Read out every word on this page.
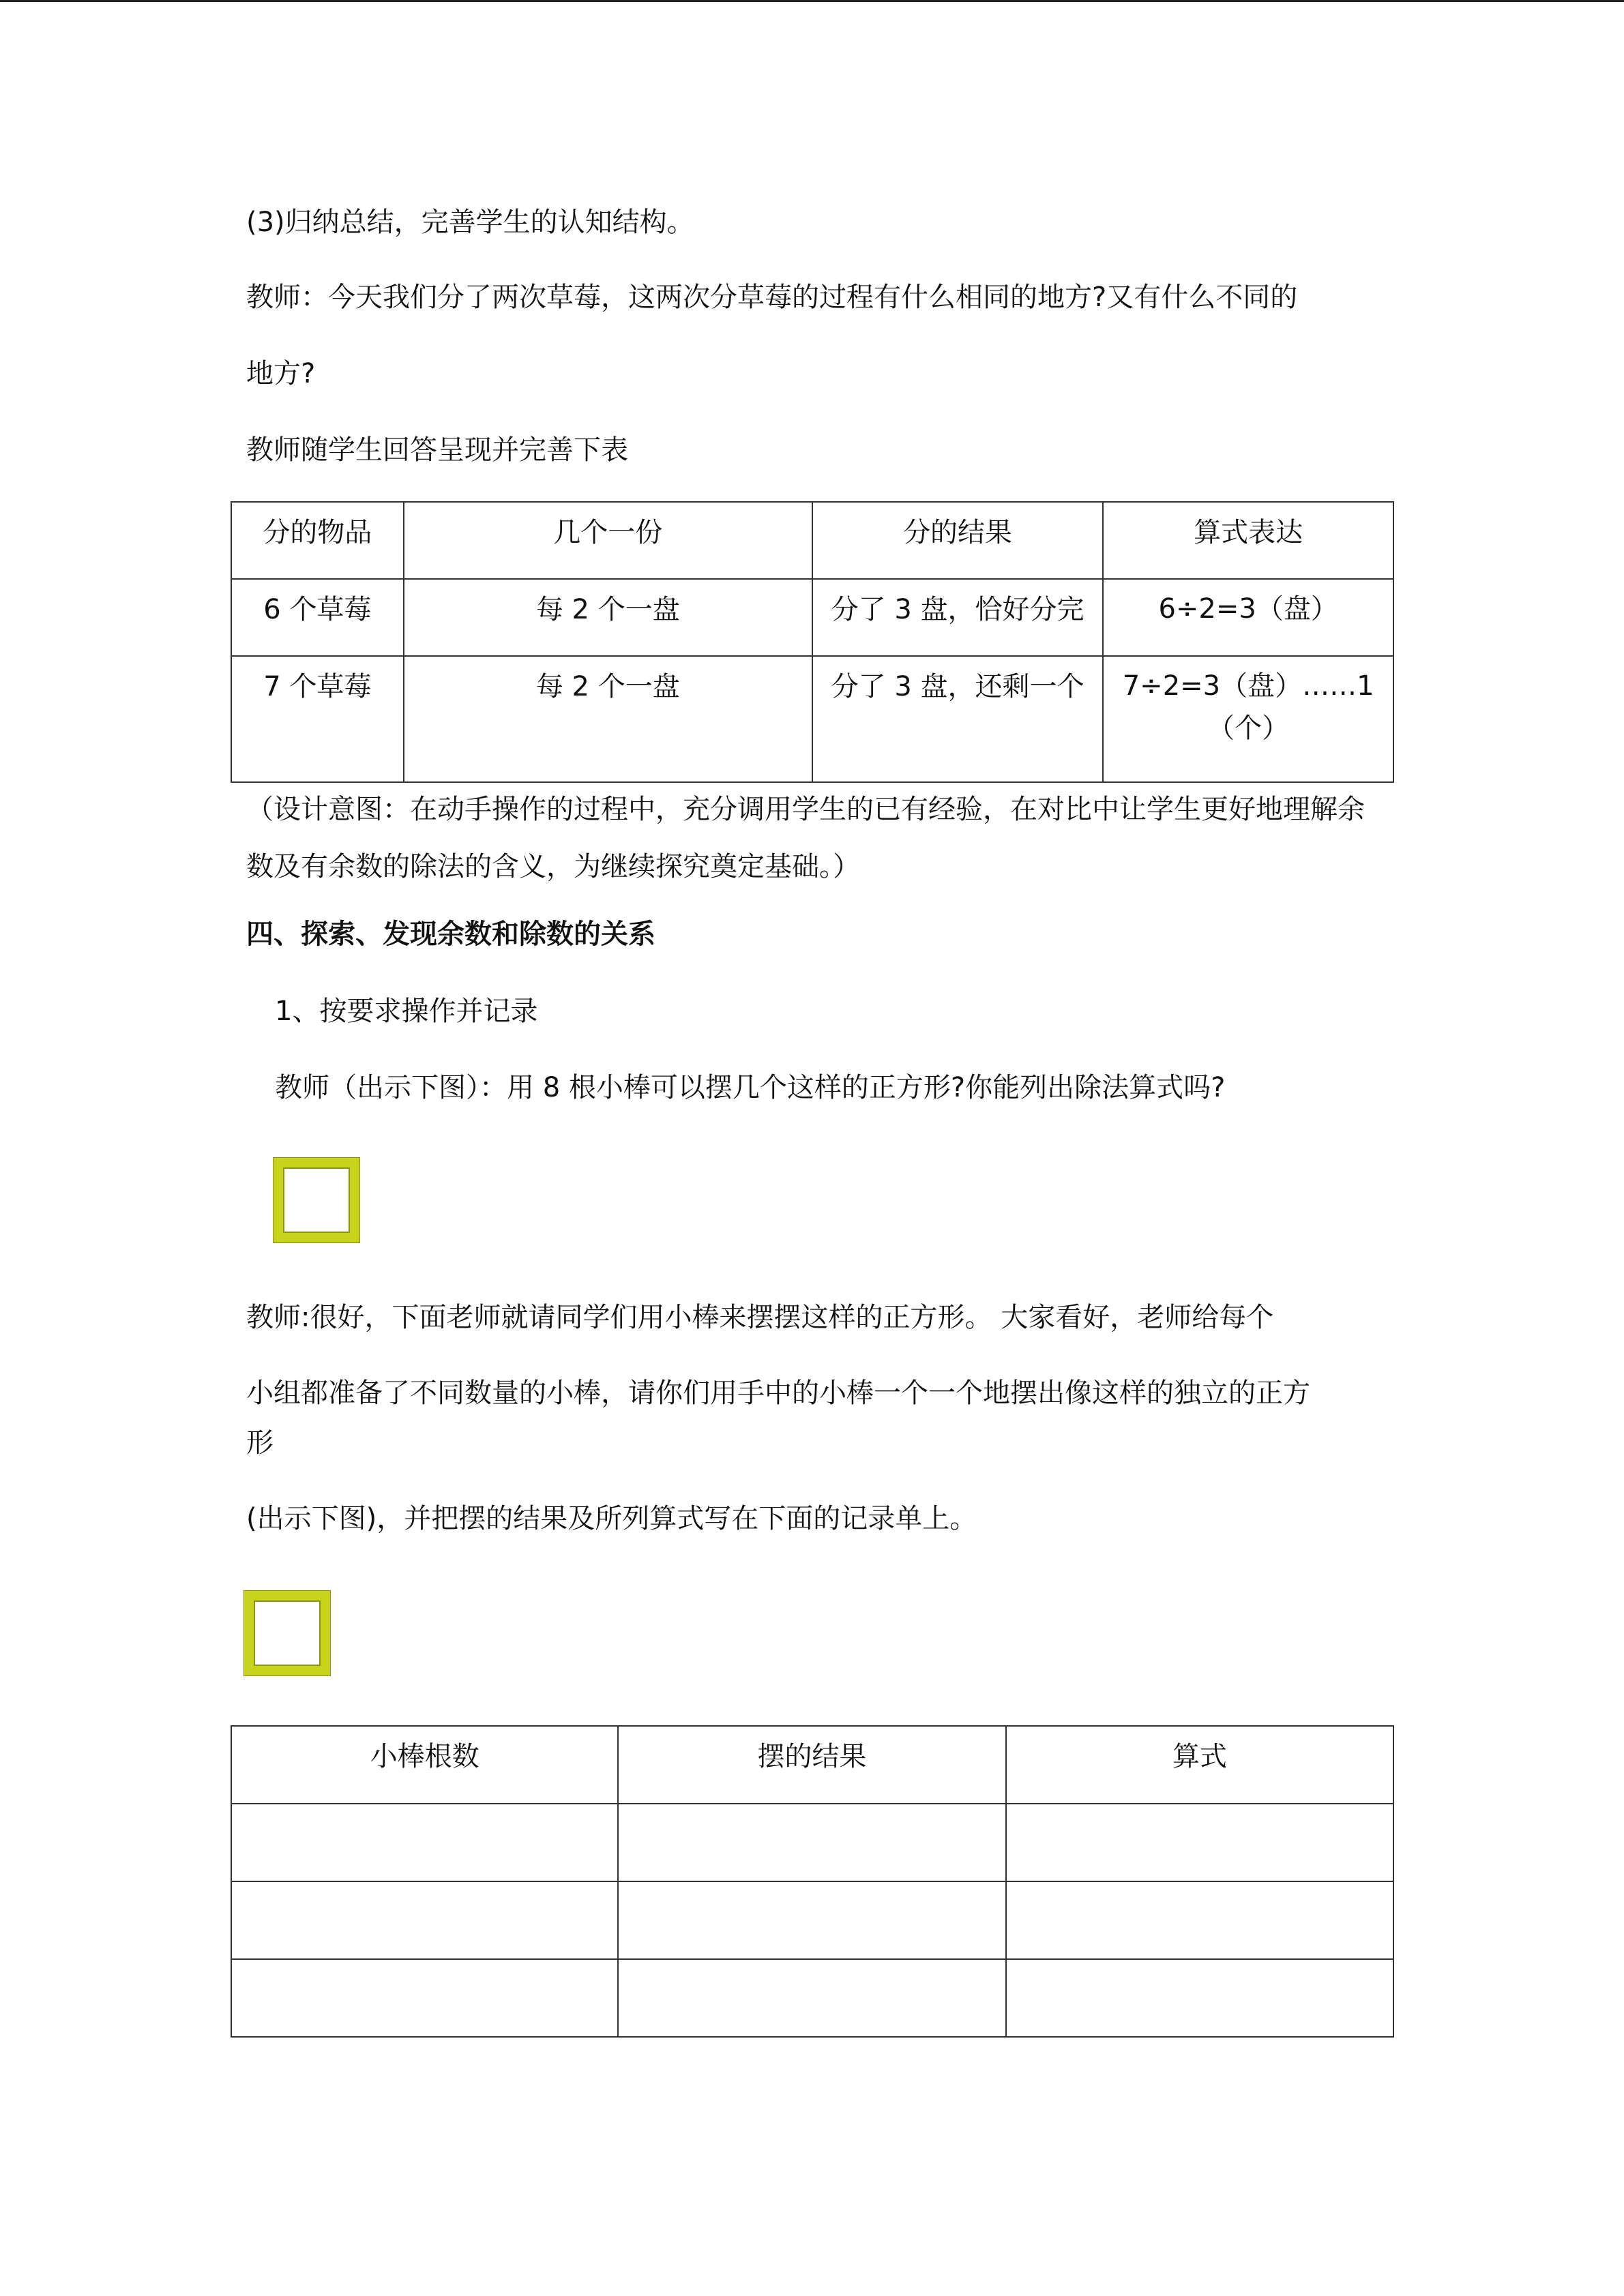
(3)归纳总结，完善学生的认知结构。

教师：今天我们分了两次草莓，这两次分草莓的过程有什么相同的地方?又有什么不同的

地方?

教师随学生回答呈现并完善下表

分的物品	几个一份	分的结果	算式表达
6 个草莓	每 2 个一盘	分了 3 盘，恰好分完	6÷2=3（盘）

7 个草莓	每 2 个一盘	分了 3 盘，还剩一个	7÷2=3（盘）……1
（个）

（设计意图：在动手操作的过程中，充分调用学生的已有经验，在对比中让学生更好地理解余数及有余数的除法的含义，为继续探究奠定基础。）

四、探索、发现余数和除数的关系

1、按要求操作并记录

教师（出示下图）：用 8 根小棒可以摆几个这样的正方形?你能列出除法算式吗?

教师:很好，下面老师就请同学们用小棒来摆摆这样的正方形。 大家看好，老师给每个

小组都准备了不同数量的小棒，请你们用手中的小棒一个一个地摆出像这样的独立的正方

形

(出示下图)，并把摆的结果及所列算式写在下面的记录单上。

小棒根数	摆的结果	算式
